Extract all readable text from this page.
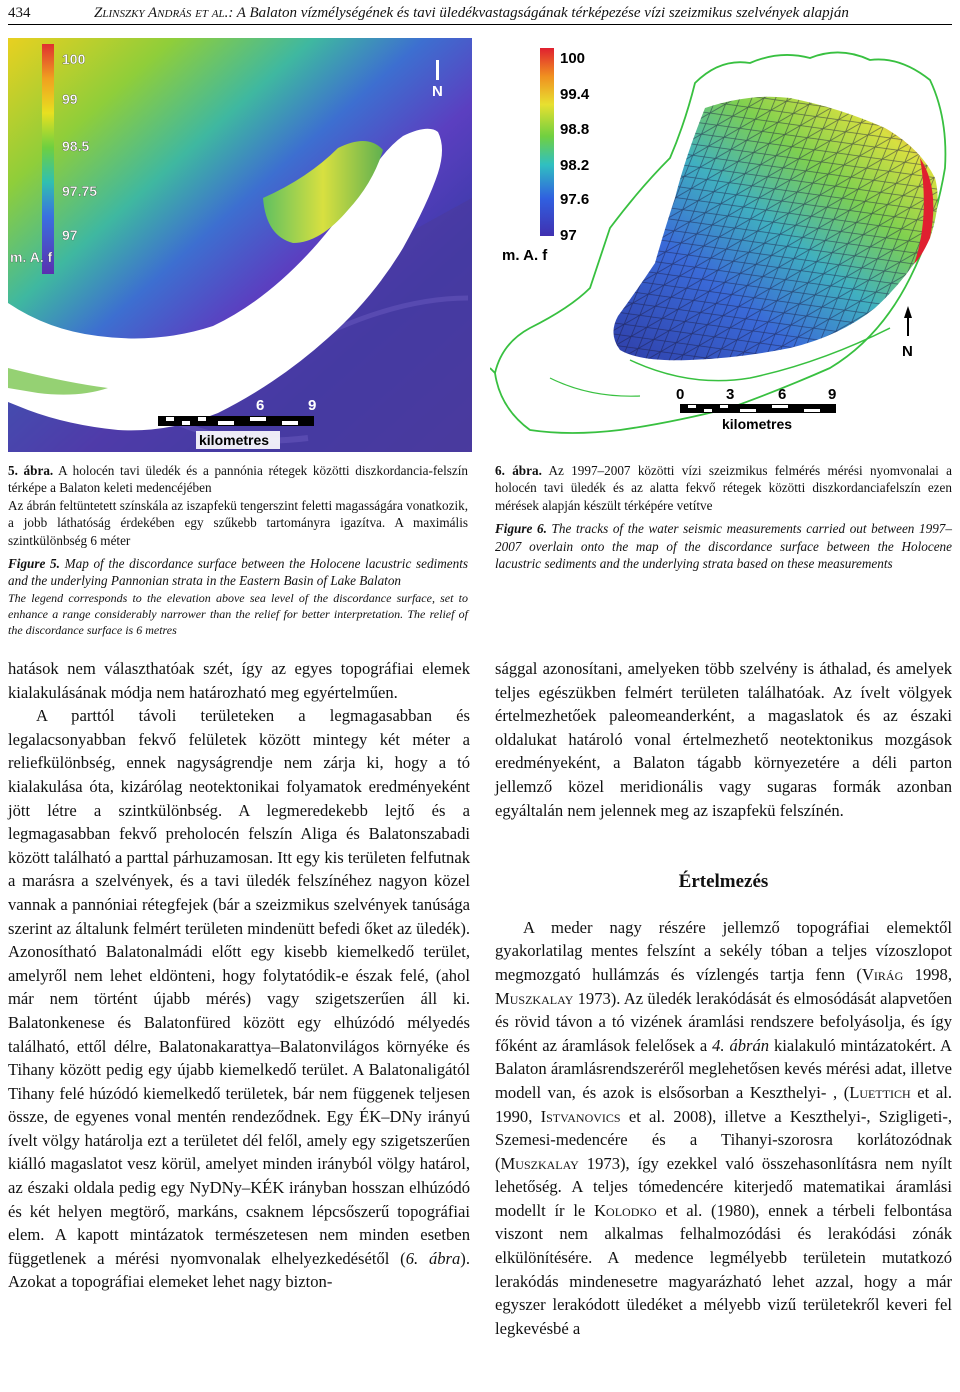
434	Zlinszky András et al.: A Balaton vízmélységének és tavi üledékvastagságának térképezése vízi szeizmikus szelvények alapján
100
99
98.5
97.75
97
m. A. f
N
0	3	6	9
kilometres
100
99.4
98.8
98.2
97.6
97
m. A. f
N
0	3	6	9
kilometres
5. ábra. A holocén tavi üledék és a pannónia rétegek közötti diszkordancia-felszín térképe a Balaton keleti medencéjében
Az ábrán feltüntetett színskála az iszapfekü tengerszint feletti magasságára vonatkozik, a jobb láthatóság érdekében egy szűkebb tartományra igazítva. A maximális szintkülönbség 6 méter
Figure 5. Map of the discordance surface between the Holocene lacustric sediments and the underlying Pannonian strata in the Eastern Basin of Lake Balaton
The legend corresponds to the elevation above sea level of the discordance surface, set to enhance a range considerably narrower than the relief for better interpretation. The relief of the discordance surface is 6 metres
6. ábra. Az 1997–2007 közötti vízi szeizmikus felmérés mérési nyomvonalai a holocén tavi üledék és az alatta fekvő rétegek közötti diszkordanciafelszín ezen mérések alapján készült térképére vetítve
Figure 6. The tracks of the water seismic measurements carried out between 1997–2007 overlain onto the map of the discordance surface between the Holocene lacustric sediments and the underlying strata based on these measurements

hatások nem választhatóak szét, így az egyes topográfiai elemek kialakulásának módja nem határozható meg egyértelműen.

A parttól távoli területeken a legmagasabban és legalacsonyabban fekvő felületek között mintegy két méter a reliefkülönbség, ennek nagyságrendje nem zárja ki, hogy a tó kialakulása óta, kizárólag neotektonikai folyamatok eredményeként jött létre a szintkülönbség. A legmeredekebb lejtő és a legmagasabban fekvő preholocén felszín Aliga és Balatonszabadi között található a parttal párhuzamosan. Itt egy kis területen felfutnak a marásra a szelvények, és a tavi üledék felszínéhez nagyon közel vannak a pannóniai rétegfejek (bár a szeizmikus szelvények tanúsága szerint az általunk felmért területen mindenütt befedi őket az üledék). Azonosítható Balatonalmádi előtt egy kisebb kiemelkedő terület, amelyről nem lehet eldönteni, hogy folytatódik-e észak felé, (ahol már nem történt újabb mérés) vagy szigetszerűen áll ki. Balatonkenese és Balatonfüred között egy elhúzódó mélyedés található, ettől délre, Balatonakarattya–Balatonvilágos környéke és Tihany között pedig egy újabb kiemelkedő terület. A Balatonaligától Tihany felé húzódó kiemelkedő területek, bár nem függenek teljesen össze, de egyenes vonal mentén rendeződnek. Egy ÉK–DNy irányú ívelt völgy határolja ezt a területet dél felől, amely egy szigetszerűen kiálló magaslatot vesz körül, amelyet minden irányból völgy határol, az északi oldala pedig egy NyDNy–KÉK irányban hosszan elhúzódó és két helyen megtörő, markáns, csaknem lépcsőszerű topográfiai elem. A kapott mintázatok természetesen nem minden esetben függetlenek a mérési nyomvonalak elhelyezkedésétől (6. ábra). Azokat a topográfiai elemeket lehet nagy bizton-

sággal azonosítani, amelyeken több szelvény is áthalad, és amelyek teljes egészükben felmért területen találhatóak. Az ívelt völgyek értelmezhetőek paleomeanderként, a magaslatok és az északi oldalukat határoló vonal értelmezhető neotektonikus mozgások eredményeként, a Balaton tágabb környezetére a déli parton jellemző közel meridionális vagy sugaras formák azonban egyáltalán nem jelennek meg az iszapfekü felszínén.

Értelmezés

A meder nagy részére jellemző topográfiai elemektől gyakorlatilag mentes felszínt a sekély tóban a teljes vízoszlopot megmozgató hullámzás és vízlengés tartja fenn (Virág 1998, Muszkalay 1973). Az üledék lerakódását és elmosódását alapvetően és rövid távon a tó vizének áramlási rendszere befolyásolja, és így főként az áramlások felelősek a 4. ábrán kialakuló mintázatokért. A Balaton áramlásrendszeréről meglehetősen kevés mérési adat, illetve modell van, és azok is elsősorban a Keszthelyi- , (Luettich et al. 1990, Istvanovics et al. 2008), illetve a Keszthelyi-, Szigligeti-, Szemesi-medencére és a Tihanyi-szorosra korlátozódnak (Muszkalay 1973), így ezekkel való összehasonlításra nem nyílt lehetőség. A teljes tómedencére kiterjedő matematikai áramlási modellt ír le Kolodko et al. (1980), ennek a térbeli felbontása viszont nem alkalmas felhalmozódási és lerakódási zónák elkülönítésére. A medence legmélyebb területein mutatkozó lerakódás mindenesetre magyarázható lehet azzal, hogy a már egyszer lerakódott üledéket a mélyebb vizű területekről keveri fel legkevésbé a
